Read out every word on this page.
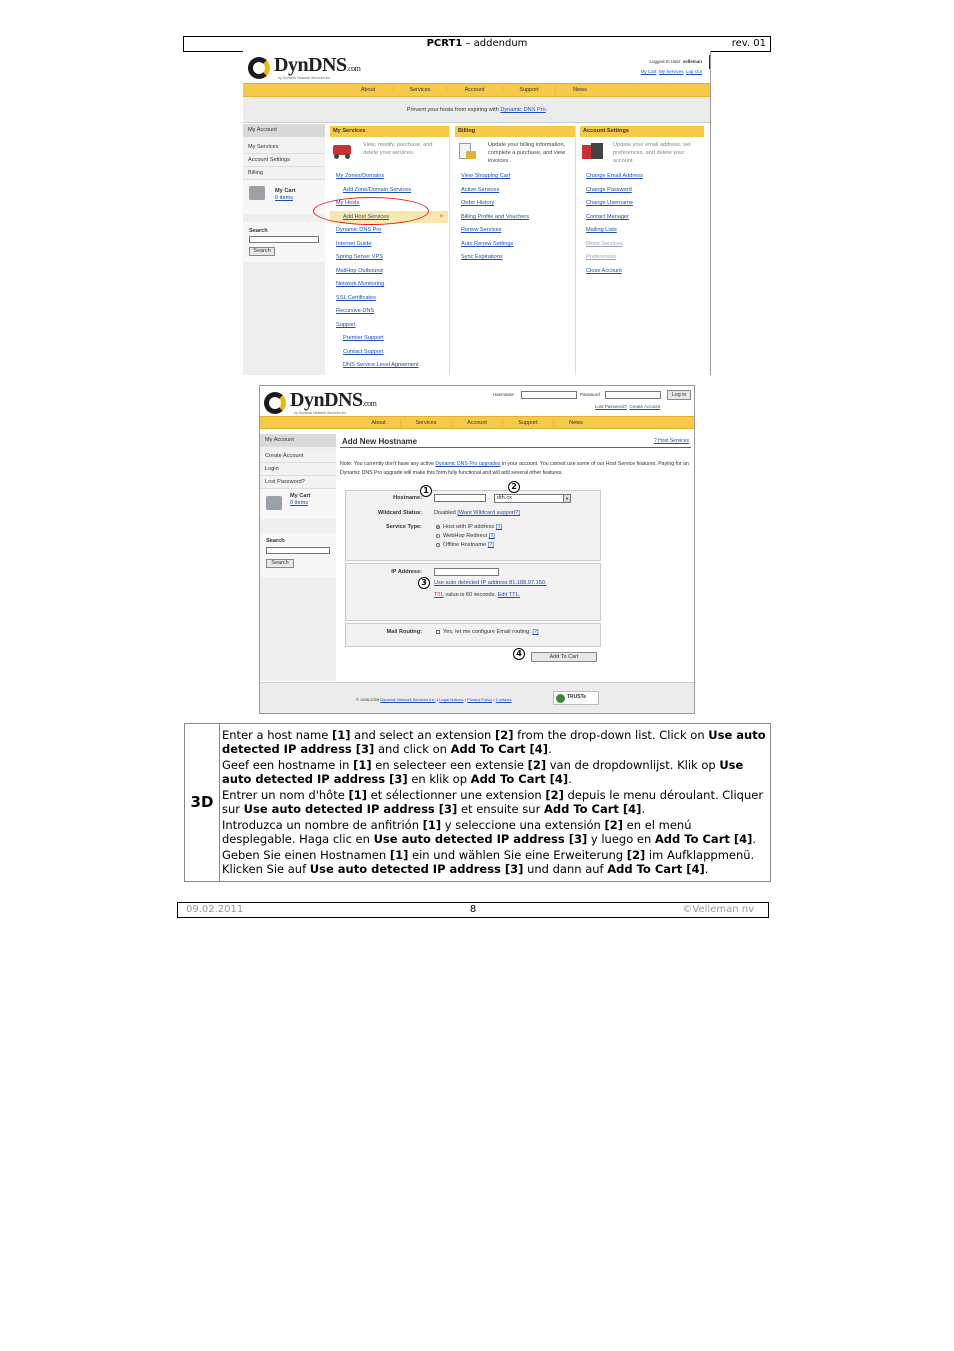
PCRT1 – addendum	rev. 01
DynDNS.com
by Dynamic Network Services Inc
Logged In User: velleman
My Cart My Services Log Out
About	Services	Account	Support	News
Prevent your hosts from expiring with Dynamic DNS Pro.
My Account
My Services
Account Settings
Billing
My Cart
0 items
Search
Search
My Services	Billing	Account Settings
View, modify, purchase, and delete your services.
Update your billing information, complete a purchase, and view invoices.
Update your email address, set preferences, and delete your account.
▶
My Zones/Domains
Add Zone/Domain Services
My Hosts
Add Host Services
Dynamic DNS Pro
Internet Guide
Spring Server VPS
MailHop Outbound
Network Monitoring
SSL Certificates
Recursive DNS
Support
Premier Support
Contact Support
DNS Service Level Agreement
View Shopping Cart
Active Services
Order History
Billing Profile and Vouchers
Renew Services
Auto Renew Settings
Sync Expirations
Change Email Address
Change Password
Change Username
Contact Manager
Mailing Lists
Move Services
Preferences
Close Account
DynDNS.com
by Dynamic Network Services Inc
Username	Password	Log in
Lost Password? Create Account
About	Services	Account	Support	News
My Account
Create Account
Login
Lost Password?
My Cart
0 items
Search
Search
Add New Hostname	? Host Services
Note: You currently don't have any active Dynamic DNS Pro upgrades in your account. You cannot use some of our Host Service features. Paying for an Dynamic DNS Pro upgrade will make this form fully functional and will add several other features.
Hostname:	.	dth.cx	▼
Wildcard Status: Disabled [Want Wildcard support?]
Service Type:	Host with IP address [?]
WebHop Redirect [?]
Offline Hostname [?]
IP Address:
Use auto detected IP address 81.188.97.150.
TTL value is 60 seconds. Edit TTL.
Mail Routing:	Yes, let me configure Email routing. [?]
Add To Cart
1	2
3
4
© 1998-2009 Dynamic Network Services Inc. • Legal Notices • Privacy Policy • Contacts	TRUSTe
3D

Enter a host name [1] and select an extension [2] from the drop-down list. Click on Use auto detected IP address [3] and click on Add To Cart [4].

Geef een hostname in [1] en selecteer een extensie [2] van de dropdownlijst. Klik op Use auto detected IP address [3] en klik op Add To Cart [4].

Entrer un nom d'hôte [1] et sélectionner une extension [2] depuis le menu déroulant. Cliquer sur Use auto detected IP address [3] et ensuite sur Add To Cart [4].

Introduzca un nombre de anfitrión [1] y seleccione una extensión [2] en el menú desplegable. Haga clic en Use auto detected IP address [3] y luego en Add To Cart [4].

Geben Sie einen Hostnamen [1] ein und wählen Sie eine Erweiterung [2] im Aufklappmenü. Klicken Sie auf Use auto detected IP address [3] und dann auf Add To Cart [4].

09.02.2011	8	©Velleman nv
